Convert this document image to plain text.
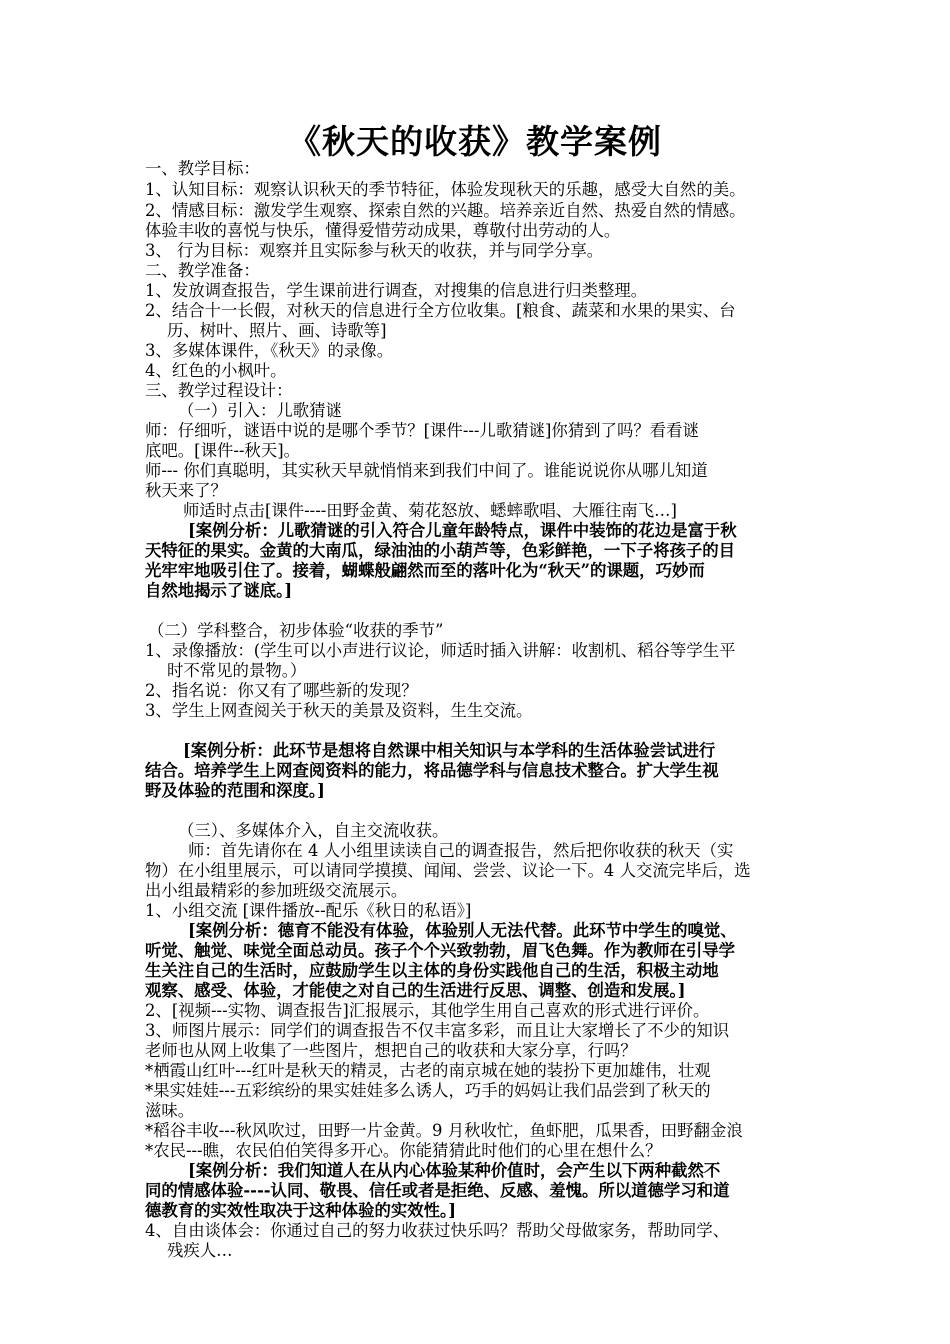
《秋天的收获》教学案例
一、教学目标：
1、认知目标：观察认识秋天的季节特征，体验发现秋天的乐趣，感受大自然的美。
2、情感目标：激发学生观察、探索自然的兴趣。培养亲近自然、热爱自然的情感。
体验丰收的喜悦与快乐，懂得爱惜劳动成果，尊敬付出劳动的人。
3、 行为目标：观察并且实际参与秋天的收获，并与同学分享。
二、教学准备：
1、发放调查报告，学生课前进行调查，对搜集的信息进行归类整理。
2、结合十一长假，对秋天的信息进行全方位收集。[粮食、蔬菜和水果的果实、台
历、树叶、照片、画、诗歌等]
3、多媒体课件，《秋天》的录像。
4、红色的小枫叶。
三、教学过程设计：
（一）引入：儿歌猜谜
师：仔细听，谜语中说的是哪个季节？[课件---儿歌猜谜]你猜到了吗？看看谜
底吧。[课件--秋天]。
师--- 你们真聪明，其实秋天早就悄悄来到我们中间了。谁能说说你从哪儿知道
秋天来了？
师适时点击[课件----田野金黄、菊花怒放、蟋蟀歌唱、大雁往南飞…]
[案例分析：儿歌猜谜的引入符合儿童年龄特点，课件中装饰的花边是富于秋
天特征的果实。金黄的大南瓜，绿油油的小葫芦等，色彩鲜艳，一下子将孩子的目
光牢牢地吸引住了。接着，蝴蝶般翩然而至的落叶化为“秋天”的课题，巧妙而
自然地揭示了谜底。]
（二）学科整合，初步体验“收获的季节”
1、录像播放：(学生可以小声进行议论，师适时插入讲解：收割机、稻谷等学生平
时不常见的景物。）
2、指名说：你又有了哪些新的发现？
3、学生上网查阅关于秋天的美景及资料，生生交流。
[案例分析：此环节是想将自然课中相关知识与本学科的生活体验尝试进行
结合。培养学生上网查阅资料的能力，将品德学科与信息技术整合。扩大学生视
野及体验的范围和深度。]
（三）、多媒体介入，自主交流收获。
师：首先请你在 4 人小组里读读自己的调查报告，然后把你收获的秋天（实
物）在小组里展示，可以请同学摸摸、闻闻、尝尝、议论一下。4 人交流完毕后，选
出小组最精彩的参加班级交流展示。
1、小组交流 [课件播放--配乐《秋日的私语》]
[案例分析：德育不能没有体验，体验别人无法代替。此环节中学生的嗅觉、
听觉、触觉、味觉全面总动员。孩子个个兴致勃勃，眉飞色舞。作为教师在引导学
生关注自己的生活时，应鼓励学生以主体的身份实践他自己的生活，积极主动地
观察、感受、体验，才能使之对自己的生活进行反思、调整、创造和发展。]
2、[视频---实物、调查报告]汇报展示，其他学生用自己喜欢的形式进行评价。
3、师图片展示：同学们的调查报告不仅丰富多彩，而且让大家增长了不少的知识
老师也从网上收集了一些图片，想把自己的收获和大家分享，行吗？
*栖霞山红叶---红叶是秋天的精灵，古老的南京城在她的装扮下更加雄伟，壮观
*果实娃娃---五彩缤纷的果实娃娃多么诱人，巧手的妈妈让我们品尝到了秋天的
滋味。
*稻谷丰收---秋风吹过，田野一片金黄。9 月秋收忙，鱼虾肥，瓜果香，田野翻金浪
*农民---瞧，农民伯伯笑得多开心。你能猜猜此时他们的心里在想什么？
[案例分析：我们知道人在从内心体验某种价值时，会产生以下两种截然不
同的情感体验----认同、敬畏、信任或者是拒绝、反感、羞愧。所以道德学习和道
德教育的实效性取决于这种体验的实效性。]
4、自由谈体会：你通过自己的努力收获过快乐吗？帮助父母做家务，帮助同学、
残疾人…
